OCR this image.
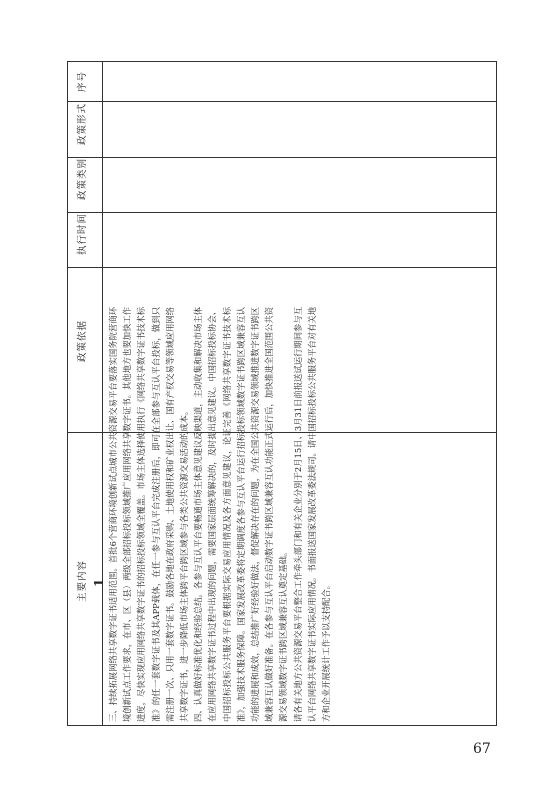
序号
政策形式
政策类别
执行时间
政策依据
主要内容 1 三、持续拓展网络共享数字证书适用范围。首批6个营商环境创新试点城市公共资源交易平台要落实国务院营商环境创新试点工作要求，在市、区（县）两级全部招标投标领域推广应用网络共享数字证书。其他地方也要加快工作进度，尽快实现应用网络共享数字证书的招标投标领域全覆盖。市场主体选择使用执行《网络共享数字证书技术标准》的任一套数字证书及其APP载体，在任一参与互认平台完成注册后，即可在全部参与互认平台投标，做到只需注册一次、只用一套数字证书。鼓励各地在政府采购、土地使用权和矿业权出让、国有产权交易等领域应用网络共享数字证书，进一步降低市场主体跨平台跨区域参与各类公共资源交易活动的成本。 四、认真做好标准优化和经验总结。各参与互认平台要畅通市场主体意见建议反映渠道，主动收集和解决市场主体在应用网络共享数字证书过程中出现的问题，需要国家层面统筹解决的，及时提出意见建议。中国招标投标协会、中国招标投标公共服务平台要根据实际交易应用情况及各方面意见建议，论证完善《网络共享数字证书技术标准》，加强技术服务保障。国家发展改革委将定期调度各参与互认平台运行招标投标领域数字证书跨区域兼容互认功能的进展和成效，总结推广好经验好做法，督促解决存在的问题，为在全国公共资源交易领域推进数字证书跨区域兼容互认做好准备。在各参与互认平台启动数字证书跨区域兼容互认功能正式运行后，加快推进全国范围公共资源交易领域数字证书跨区域兼容互认奠定基础。 请各有关地方公共资源交易平台整合工作牵头部门和有关企业分别于2月15日、3月31日前报送试运行期间参与互认平台网络共享数字证书实际应用情况。书面报送国家发展改革委法规司。请中国招标投标公共服务平台对有关地方和企业开展统计工作予以支持配合。

67
